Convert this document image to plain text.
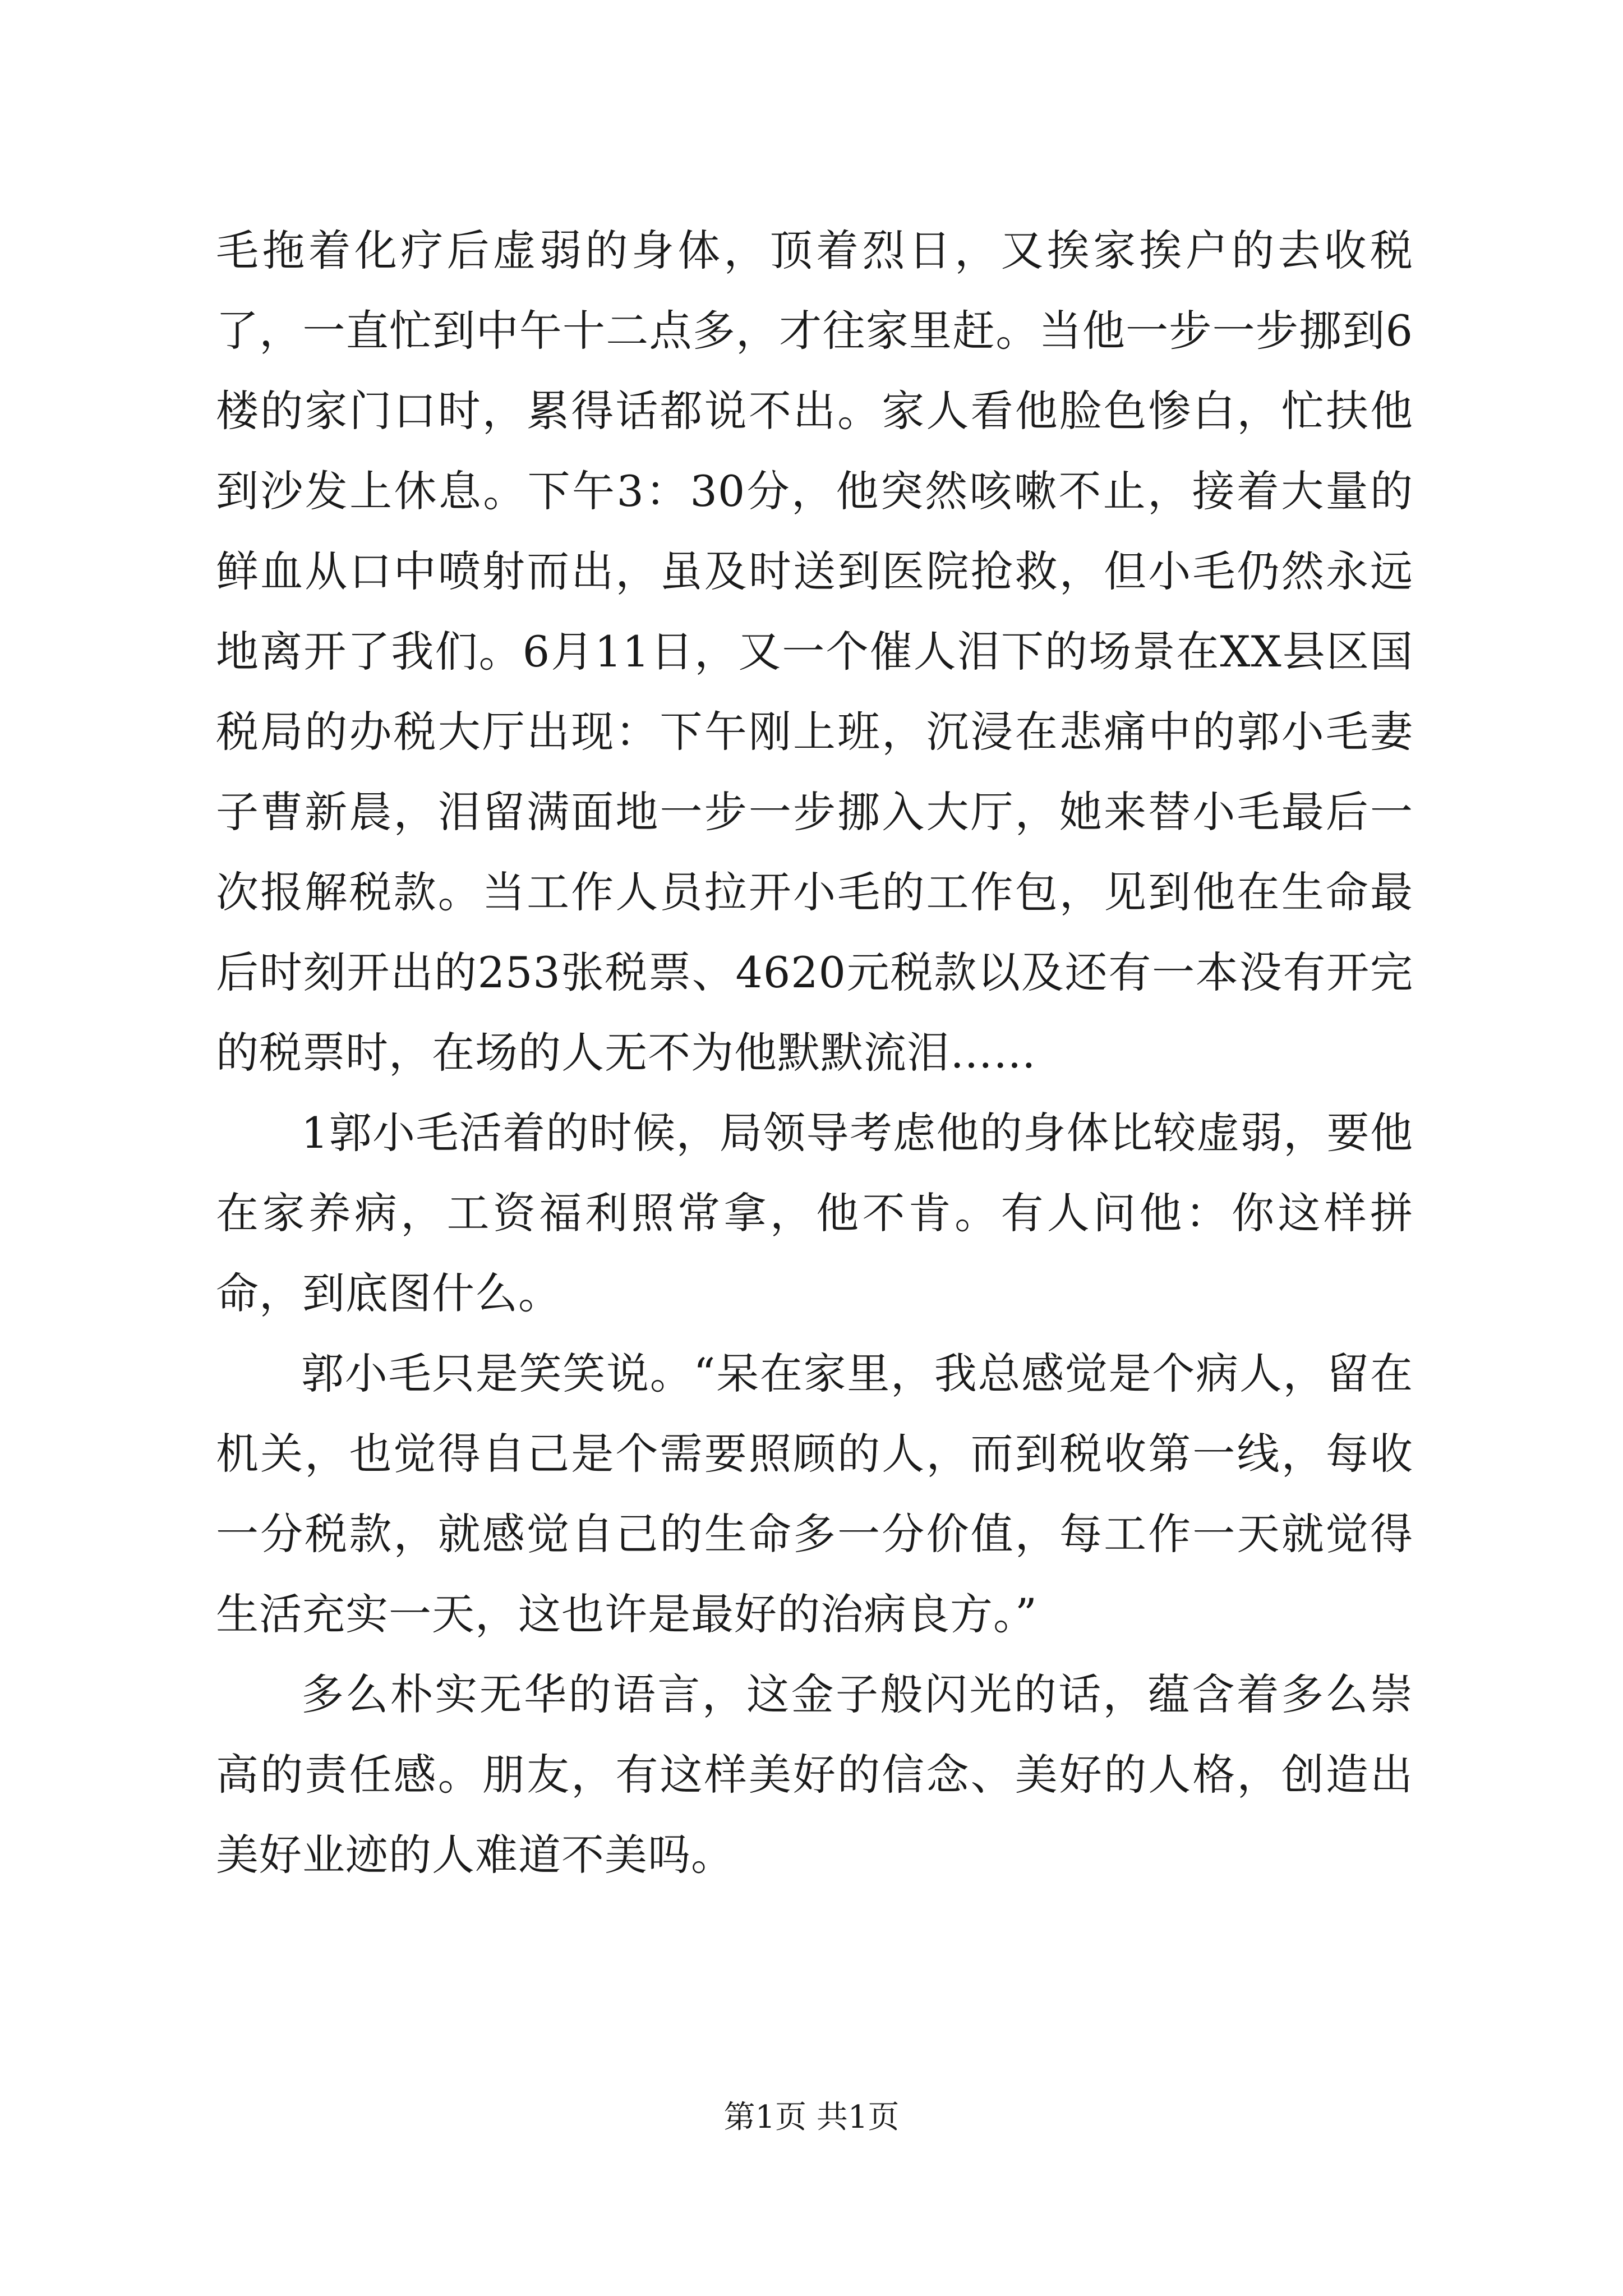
毛拖着化疗后虚弱的身体，顶着烈日，又挨家挨户的去收税了，一直忙到中午十二点多，才往家里赶。当他一步一步挪到6楼的家门口时，累得话都说不出。家人看他脸色惨白，忙扶他到沙发上休息。下午3：30分，他突然咳嗽不止，接着大量的鲜血从口中喷射而出，虽及时送到医院抢救，但小毛仍然永远地离开了我们。6月11日，又一个催人泪下的场景在XX县区国税局的办税大厅出现：下午刚上班，沉浸在悲痛中的郭小毛妻子曹新晨，泪留满面地一步一步挪入大厅，她来替小毛最后一次报解税款。当工作人员拉开小毛的工作包，见到他在生命最后时刻开出的253张税票、4620元税款以及还有一本没有开完的税票时，在场的人无不为他默默流泪……

1郭小毛活着的时候，局领导考虑他的身体比较虚弱，要他在家养病，工资福利照常拿，他不肯。有人问他：你这样拼命，到底图什么。

郭小毛只是笑笑说。“呆在家里，我总感觉是个病人，留在机关，也觉得自己是个需要照顾的人，而到税收第一线，每收一分税款，就感觉自己的生命多一分价值，每工作一天就觉得生活充实一天，这也许是最好的治病良方。”

多么朴实无华的语言，这金子般闪光的话，蕴含着多么崇高的责任感。朋友，有这样美好的信念、美好的人格，创造出美好业迹的人难道不美吗。

第1页 共1页
